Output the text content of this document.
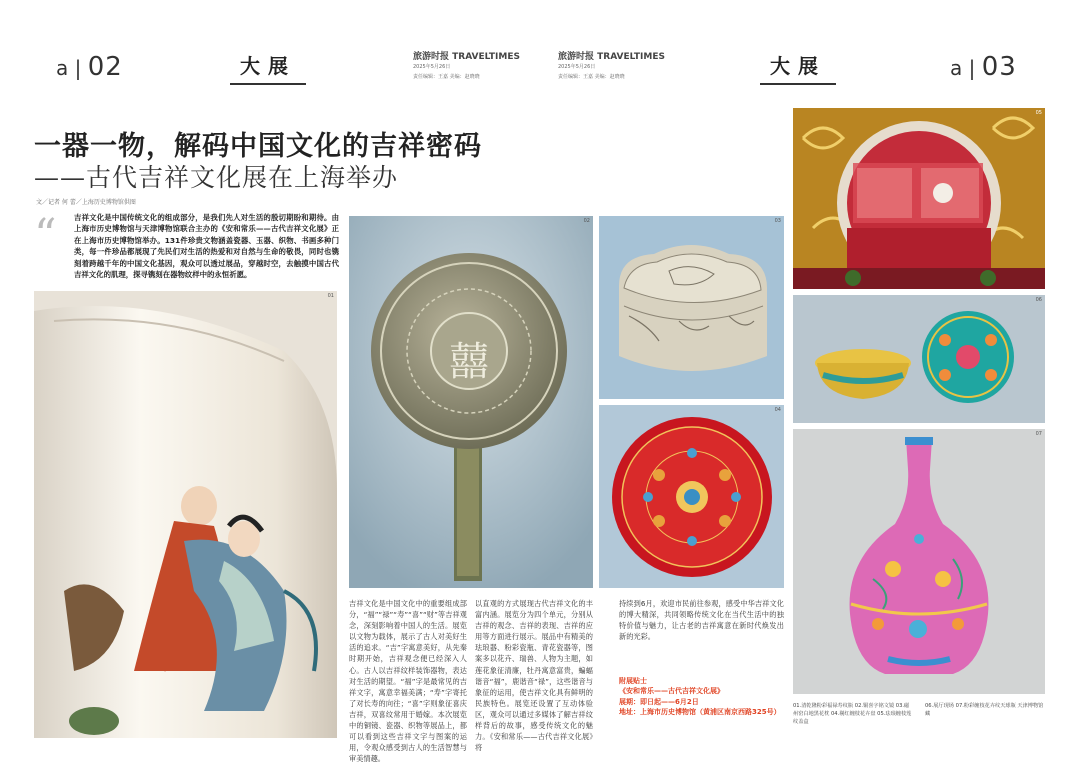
a | 02	大展	旅游时报 TRAVELTIMES
2025年5月26日
责任编辑：王嘉 美编：赵晓晓
旅游时报 TRAVELTIMES
2025年5月26日
责任编辑：王嘉 美编：赵晓晓	大展	a | 03
一器一物，解码中国文化的吉祥密码
——古代吉祥文化展在上海举办
文／记者 何 蕾／上海历史博物馆供图
“ 吉祥文化是中国传统文化的组成部分，是我们先人对生活的殷切期盼和期待。由上海市历史博物馆与天津博物馆联合主办的《安和常乐——古代吉祥文化展》正在上海市历史博物馆举办。131件珍贵文物涵盖瓷器、玉器、织物、书画多种门类，每一件珍品都展现了先民们对生活的热爱和对自然与生命的敬畏，同时也镌刻着跨越千年的中国文化基因，观众可以透过展品，穿越时空，去触摸中国古代吉祥文化的肌理，探寻镌刻在器物纹样中的永恒祈愿。
01
囍
02	03
04
05
06
07
吉祥文化是中国文化中的重要组成部分，“福”“禄”“寿”“喜”“财”等吉祥观念，深刻影响着中国人的生活。展览以文物为载体，展示了古人对美好生活的追求。“吉”字寓意美好，从先秦时期开始，吉祥观念便已经深入人心。古人以吉祥纹样装饰器物，表达对生活的期望。“福”字是最常见的吉祥文字，寓意幸福美满；“寿”字寄托了对长寿的向往；“喜”字则象征喜庆吉祥，双喜纹常用于婚嫁。本次展览中的铜镜、瓷器、织物等展品上，都可以看到这些吉祥文字与图案的运用，令观众感受到古人的生活智慧与审美情趣。
以直观的方式展现古代吉祥文化的丰富内涵。展览分为四个单元，分别从吉祥的观念、吉祥的表现、吉祥的应用等方面进行展示。展品中有精美的珐琅器、粉彩瓷瓶、青花瓷器等，图案多以花卉、瑞兽、人物为主题，如莲花象征清廉，牡丹寓意富贵，蝙蝠谐音“福”，鹿谐音“禄”，这些谐音与象征的运用，使吉祥文化具有鲜明的民族特色。展览还设置了互动体验区，观众可以通过多媒体了解吉祥纹样背后的故事，感受传统文化的魅力。《安和常乐——古代吉祥文化展》将
持续到6月，欢迎市民前往参观，感受中华吉祥文化的博大精深，共同领略传统文化在当代生活中的独特价值与魅力，让古老的吉祥寓意在新时代焕发出新的光彩。
附展贴士
《安和常乐——古代吉祥文化展》
展期：即日起——6月2日
地址：上海市历史博物馆（黄浦区南京西路325号）
01.清乾隆粉彩福禄寿纹瓶 02.铜喜字铭文镜 03.磁州窑白地黑花枕 04.剔红缠枝花卉盘 05.珐琅缠枝莲纹盖盒
06.展厅现场 07.粉彩缠枝花卉纹天球瓶 天津博物馆藏
